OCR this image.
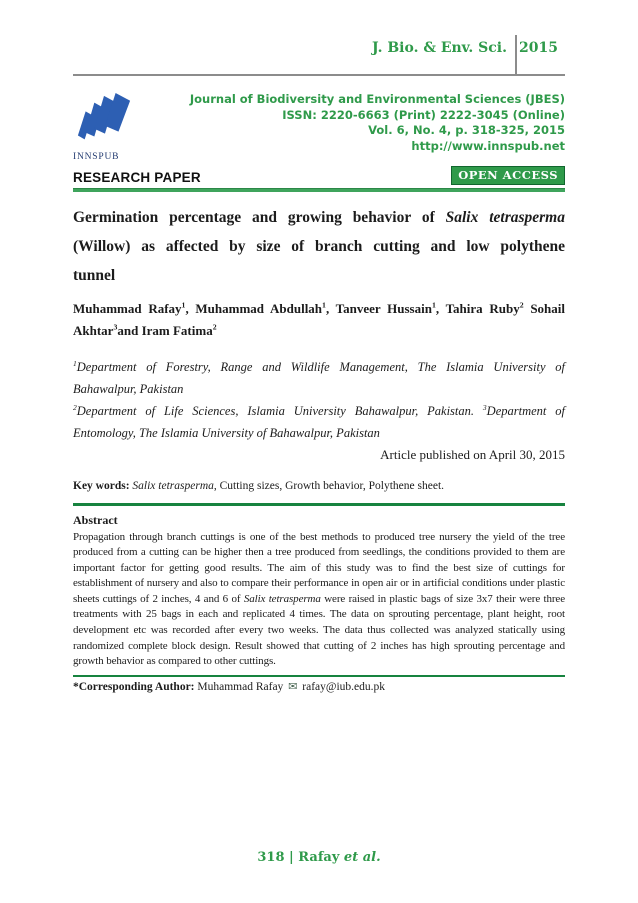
J. Bio. & Env. Sci. 2015
INNSPUB
Journal of Biodiversity and Environmental Sciences (JBES)
ISSN: 2220-6663 (Print) 2222-3045 (Online)
Vol. 6, No. 4, p. 318-325, 2015
http://www.innspub.net
RESEARCH PAPER	OPEN ACCESS
Germination percentage and growing behavior of Salix tetrasperma (Willow) as affected by size of branch cutting and low polythene tunnel

Muhammad Rafay$^1$, Muhammad Abdullah$^1$, Tanveer Hussain$^1$, Tahira Ruby$^2$ Sohail Akhtar$^3$and Iram Fatima$^2$

$^1$Department of Forestry, Range and Wildlife Management, The Islamia University of Bahawalpur, Pakistan

$^2$Department of Life Sciences, Islamia University Bahawalpur, Pakistan. $^3$Department of Entomology, The Islamia University of Bahawalpur, Pakistan

Article published on April 30, 2015

Key words: Salix tetrasperma, Cutting sizes, Growth behavior, Polythene sheet.

Abstract

Propagation through branch cuttings is one of the best methods to produced tree nursery the yield of the tree produced from a cutting can be higher then a tree produced from seedlings, the conditions provided to them are important factor for getting good results. The aim of this study was to find the best size of cuttings for establishment of nursery and also to compare their performance in open air or in artificial conditions under plastic sheets cuttings of 2 inches, 4 and 6 of Salix tetrasperma were raised in plastic bags of size 3x7 their were three treatments with 25 bags in each and replicated 4 times. The data on sprouting percentage, plant height, root development etc was recorded after every two weeks. The data thus collected was analyzed statically using randomized complete block design. Result showed that cutting of 2 inches has high sprouting percentage and growth behavior as compared to other cuttings.

*Corresponding Author: Muhammad Rafay ✉ rafay@iub.edu.pk

318 | Rafay et al.
